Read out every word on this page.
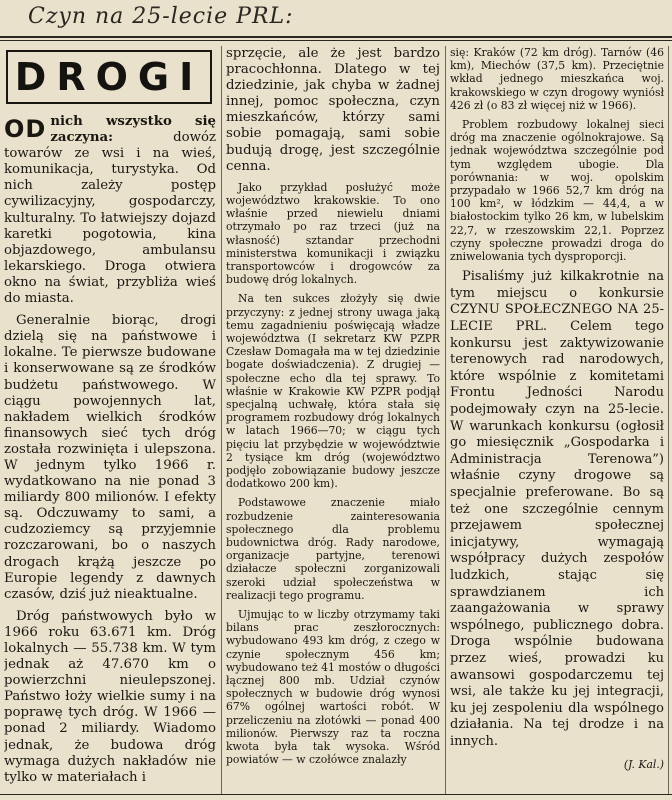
Czyn na 25-lecie PRL:
DROGI

OD nich wszystko się zaczyna:	dowóz towarów ze wsi i na wieś, komunikacja, turystyka. Od nich zależy postęp cywilizacyjny, gospodarczy, kulturalny. To łatwiejszy dojazd karetki pogotowia, kina objazdowego, ambulansu lekarskiego. Droga otwiera okno na świat, przybliża wieś do miasta.

Generalnie biorąc, drogi dzielą się na państwowe i lokalne. Te pierwsze budowane i konserwowane są ze środków budżetu państwowego. W ciągu powojennych lat, nakładem wielkich środków finansowych sieć tych dróg została rozwinięta i ulepszona. W jednym tylko 1966 r. wydatkowano na nie ponad 3 miliardy 800 milionów. I efekty są. Odczuwamy to sami, a cudzoziemcy są przyjemnie rozczarowani, bo o naszych drogach krążą jeszcze po Europie legendy z dawnych czasów, dziś już nieaktualne.

Dróg państwowych było w 1966 roku 63.671 km. Dróg lokalnych — 55.738 km. W tym jednak aż 47.670 km o powierzchni nieulepszonej. Państwo łoży wielkie sumy i na poprawę tych dróg. W 1966 — ponad 2 miliardy. Wiadomo jednak, że budowa dróg wymaga dużych nakładów nie tylko w materiałach i

sprzęcie, ale że jest bardzo pracochłonna. Dlatego w tej dziedzinie, jak chyba w żadnej innej, pomoc społeczna, czyn mieszkańców, którzy sami sobie pomagają, sami sobie budują drogę, jest szczególnie cenna.

Jako przykład posłużyć może województwo krakowskie. To ono właśnie przed niewielu dniami otrzymało po raz trzeci (już na własność) sztandar przechodni ministerstwa komunikacji i związku transportowców i drogowców za budowę dróg lokalnych.

Na ten sukces złożyły się dwie przyczyny: z jednej strony uwaga jaką temu zagadnieniu poświęcają władze województwa (I sekretarz KW PZPR Czesław Domagała ma w tej dziedzinie bogate doświadczenia). Z drugiej — społeczne echo dla tej sprawy. To właśnie w Krakowie KW PZPR podjął specjalną uchwałę, która stała się programem rozbudowy dróg lokalnych w latach 1966—70; w ciągu tych pięciu lat przybędzie w województwie 2 tysiące km dróg (województwo podjęło zobowiązanie budowy jeszcze dodatkowo 200 km).

Podstawowe znaczenie miało rozbudzenie zainteresowania społecznego dla problemu budownictwa dróg. Rady narodowe, organizacje partyjne, terenowi działacze społeczni zorganizowali szeroki udział społeczeństwa w realizacji tego programu.

Ujmując to w liczby otrzymamy taki bilans prac zeszłorocznych: wybudowano 493 km dróg, z czego w czynie społecznym 456 km; wybudowano też 41 mostów o długości łącznej 800 mb. Udział czynów społecznych w budowie dróg wynosi 67% ogólnej wartości robót. W przeliczeniu na złotówki — ponad 400 milionów. Pierwszy raz ta roczna kwota była tak wysoka. Wśród powiatów — w czołówce znalazły

się: Kraków (72 km dróg). Tarnów (46 km), Miechów (37,5 km). Przeciętnie wkład jednego mieszkańca woj. krakowskiego w czyn drogowy wyniósł 426 zł (o 83 zł więcej niż w 1966).

Problem rozbudowy lokalnej sieci dróg ma znaczenie ogólnokrajowe. Są jednak województwa szczególnie pod tym względem ubogie. Dla porównania: w woj. opolskim przypadało w 1966 52,7 km dróg na 100 km², w łódzkim — 44,4, a w białostockim tylko 26 km, w lubelskim 22,7, w rzeszowskim 22,1. Poprzez czyny społeczne prowadzi droga do zniwelowania tych dysproporcji.

Pisaliśmy już kilkakrotnie na tym miejscu o konkursie CZYNU SPOŁECZNEGO NA 25-LECIE PRL. Celem tego konkursu jest zaktywizowanie terenowych rad narodowych, które wspólnie z komitetami Frontu Jedności Narodu podejmowały czyn na 25-lecie. W warunkach konkursu (ogłosił go miesięcznik „Gospodarka i Administracja Terenowa”) właśnie czyny drogowe są specjalnie preferowane. Bo są też one szczególnie cennym przejawem społecznej inicjatywy, wymagają współpracy dużych zespołów ludzkich, stając się sprawdzianem ich zaangażowania w sprawy wspólnego, publicznego dobra. Droga wspólnie budowana przez wieś, prowadzi ku awansowi gospodarczemu tej wsi, ale także ku jej integracji, ku jej zespoleniu dla wspólnego działania. Na tej drodze i na innych.

(J. Kal.)
